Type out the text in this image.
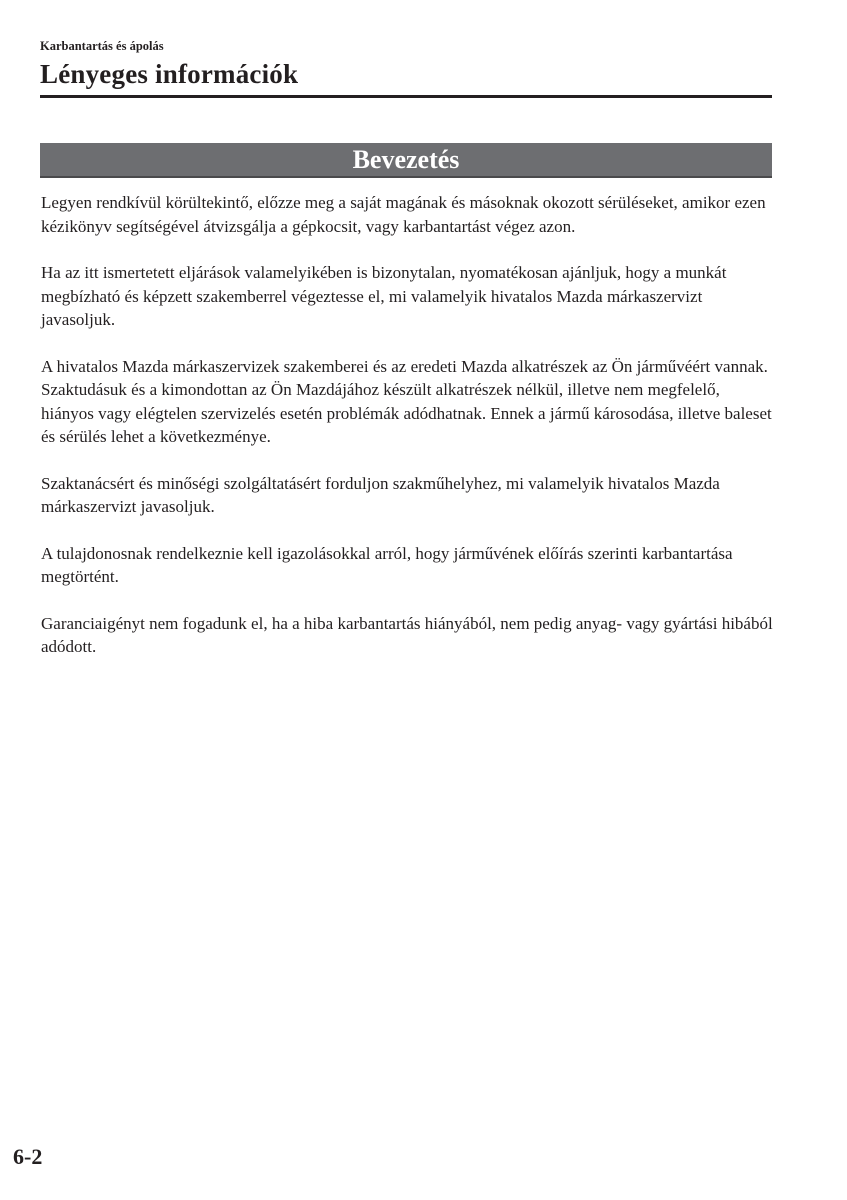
Karbantartás és ápolás
Lényeges információk
Bevezetés

Legyen rendkívül körültekintő, előzze meg a saját magának és másoknak okozott sérüléseket, amikor ezen kézikönyv segítségével átvizsgálja a gépkocsit, vagy karbantartást végez azon.

Ha az itt ismertetett eljárások valamelyikében is bizonytalan, nyomatékosan ajánljuk, hogy a munkát megbízható és képzett szakemberrel végeztesse el, mi valamelyik hivatalos Mazda márkaszervizt javasoljuk.

A hivatalos Mazda márkaszervizek szakemberei és az eredeti Mazda alkatrészek az Ön járművéért vannak. Szaktudásuk és a kimondottan az Ön Mazdájához készült alkatrészek nélkül, illetve nem megfelelő, hiányos vagy elégtelen szervizelés esetén problémák adódhatnak. Ennek a jármű károsodása, illetve baleset és sérülés lehet a következménye.

Szaktanácsért és minőségi szolgáltatásért forduljon szakműhelyhez, mi valamelyik hivatalos Mazda márkaszervizt javasoljuk.

A tulajdonosnak rendelkeznie kell igazolásokkal arról, hogy járművének előírás szerinti karbantartása megtörtént.

Garanciaigényt nem fogadunk el, ha a hiba karbantartás hiányából, nem pedig anyag- vagy gyártási hibából adódott.

6-2
